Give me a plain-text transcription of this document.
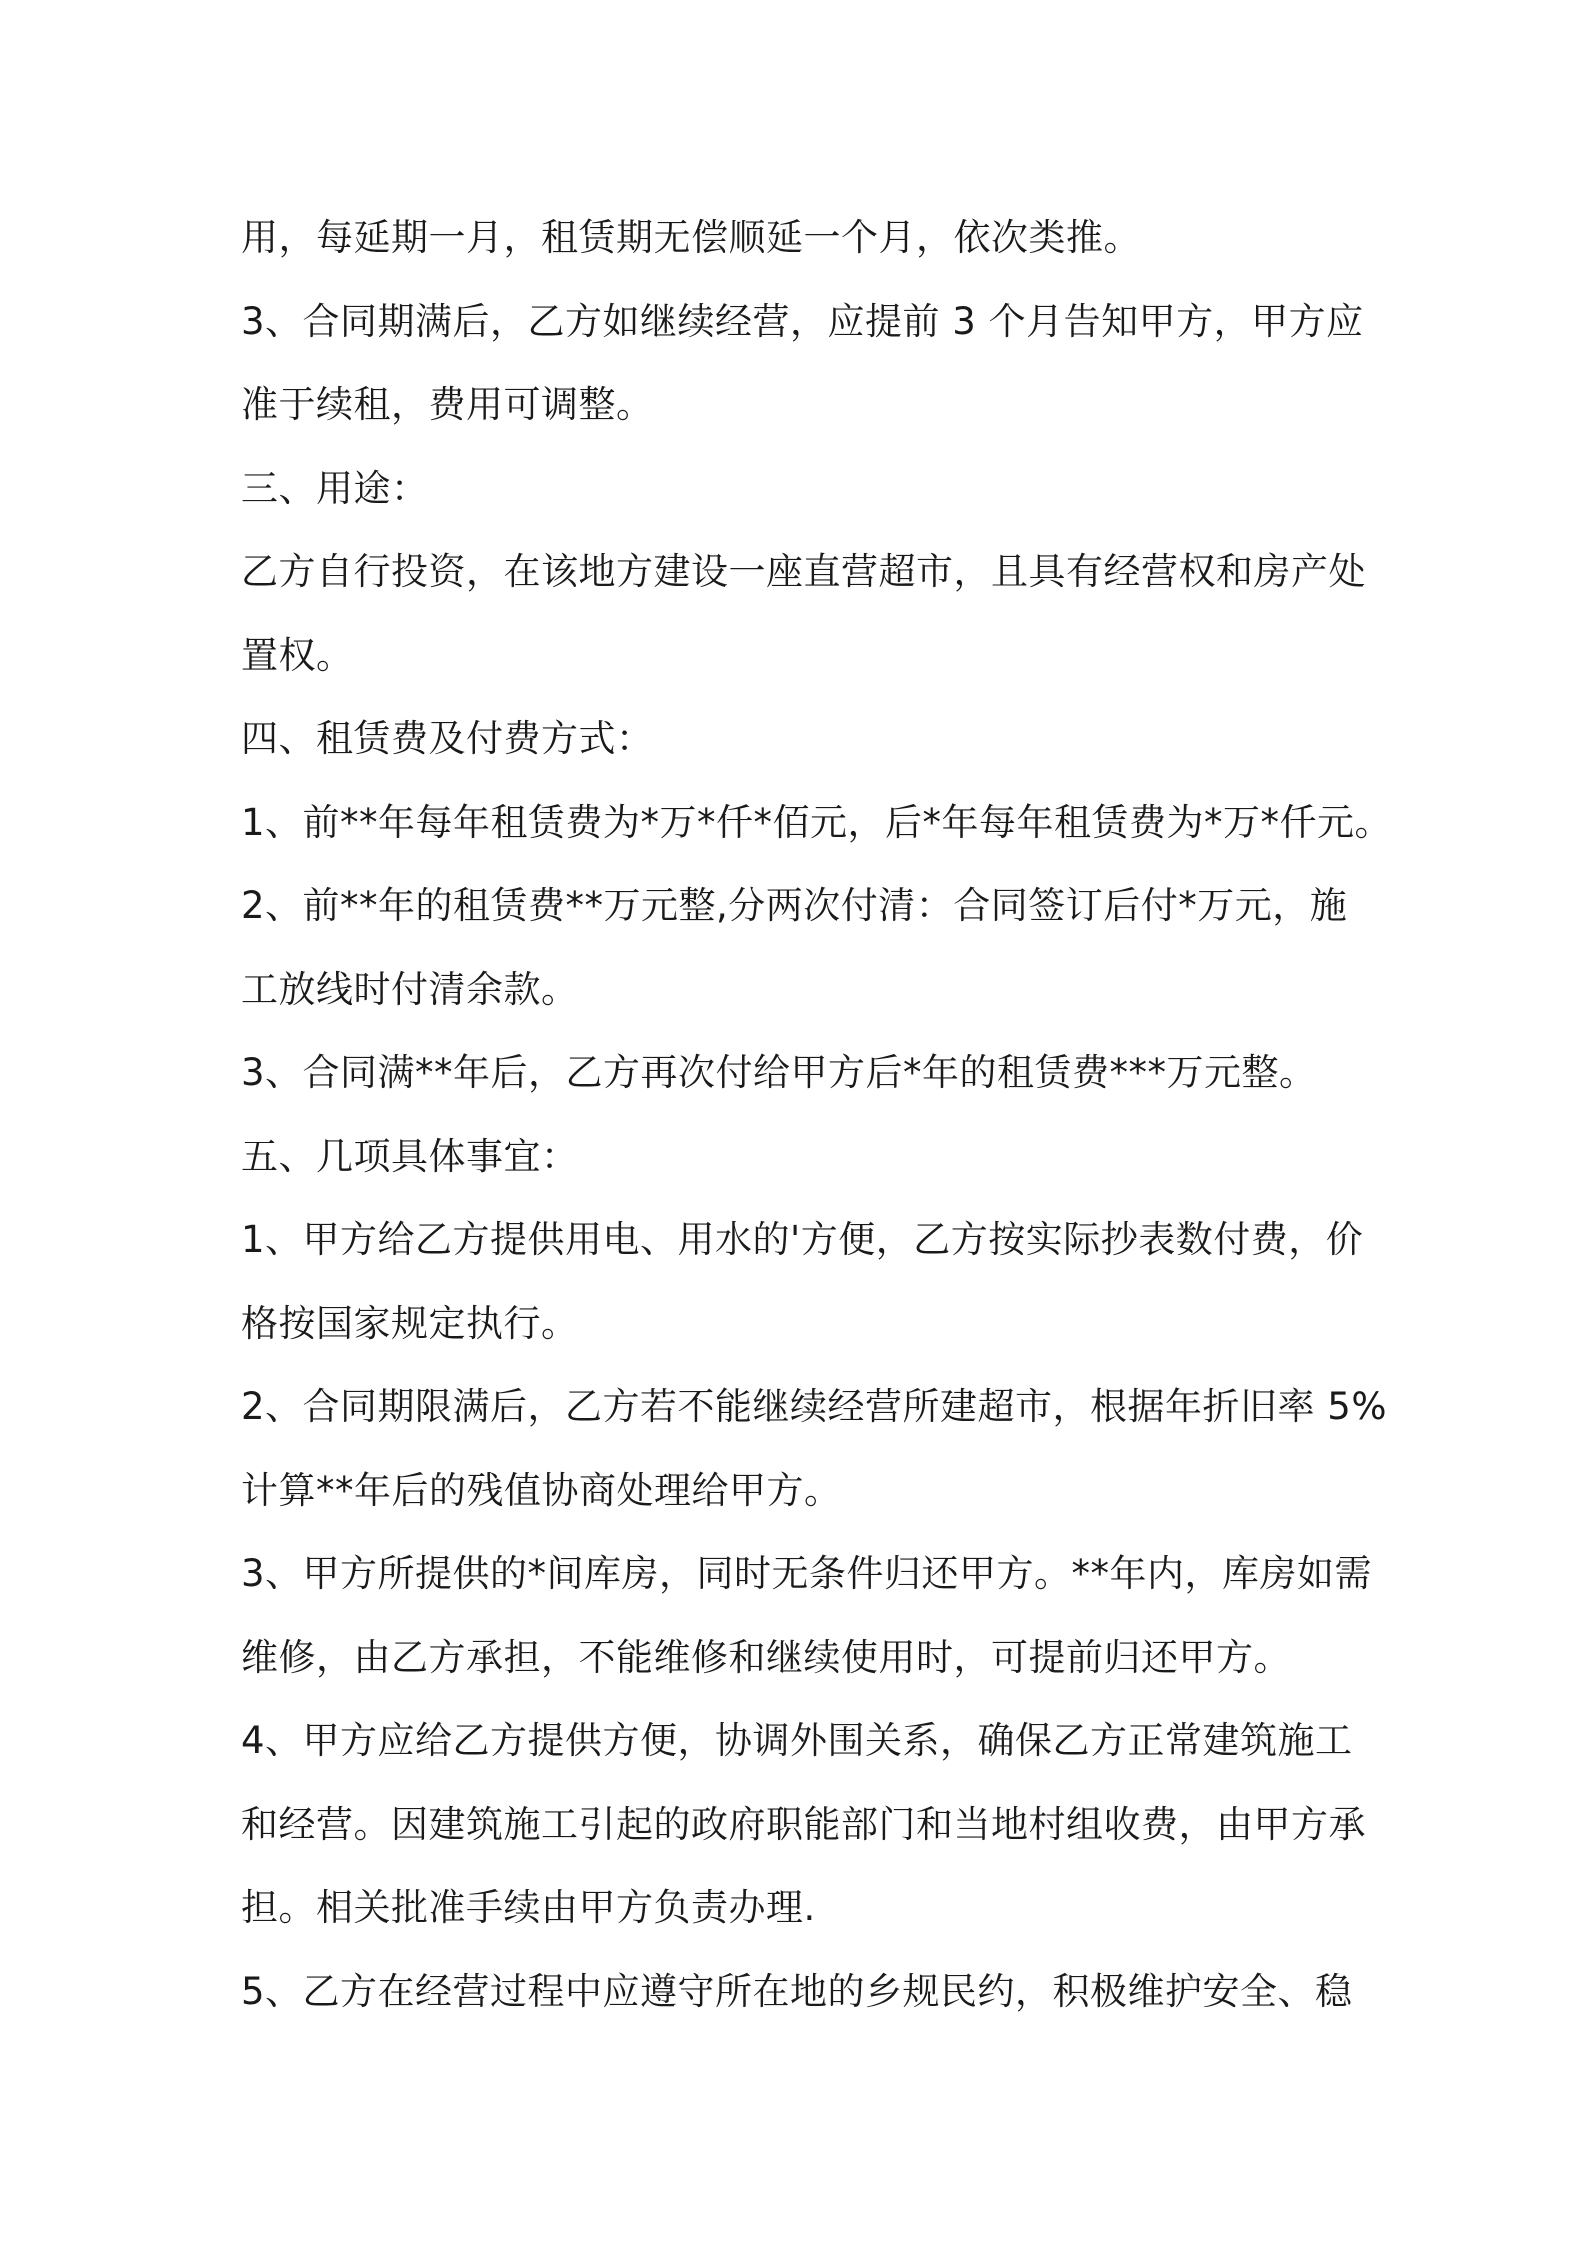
用，每延期一月，租赁期无偿顺延一个月，依次类推。
3、合同期满后，乙方如继续经营，应提前 3 个月告知甲方，甲方应
准于续租，费用可调整。
三、用途：
乙方自行投资，在该地方建设一座直营超市，且具有经营权和房产处
置权。
四、租赁费及付费方式：
1、前**年每年租赁费为*万*仟*佰元，后*年每年租赁费为*万*仟元。
2、前**年的租赁费**万元整,分两次付清：合同签订后付*万元，施
工放线时付清余款。
3、合同满**年后，乙方再次付给甲方后*年的租赁费***万元整。
五、几项具体事宜：
1、甲方给乙方提供用电、用水的'方便，乙方按实际抄表数付费，价
格按国家规定执行。
2、合同期限满后，乙方若不能继续经营所建超市，根据年折旧率 5%
计算**年后的残值协商处理给甲方。
3、甲方所提供的*间库房，同时无条件归还甲方。**年内，库房如需
维修，由乙方承担，不能维修和继续使用时，可提前归还甲方。
4、甲方应给乙方提供方便，协调外围关系，确保乙方正常建筑施工
和经营。因建筑施工引起的政府职能部门和当地村组收费，由甲方承
担。相关批准手续由甲方负责办理.
5、乙方在经营过程中应遵守所在地的乡规民约，积极维护安全、稳
